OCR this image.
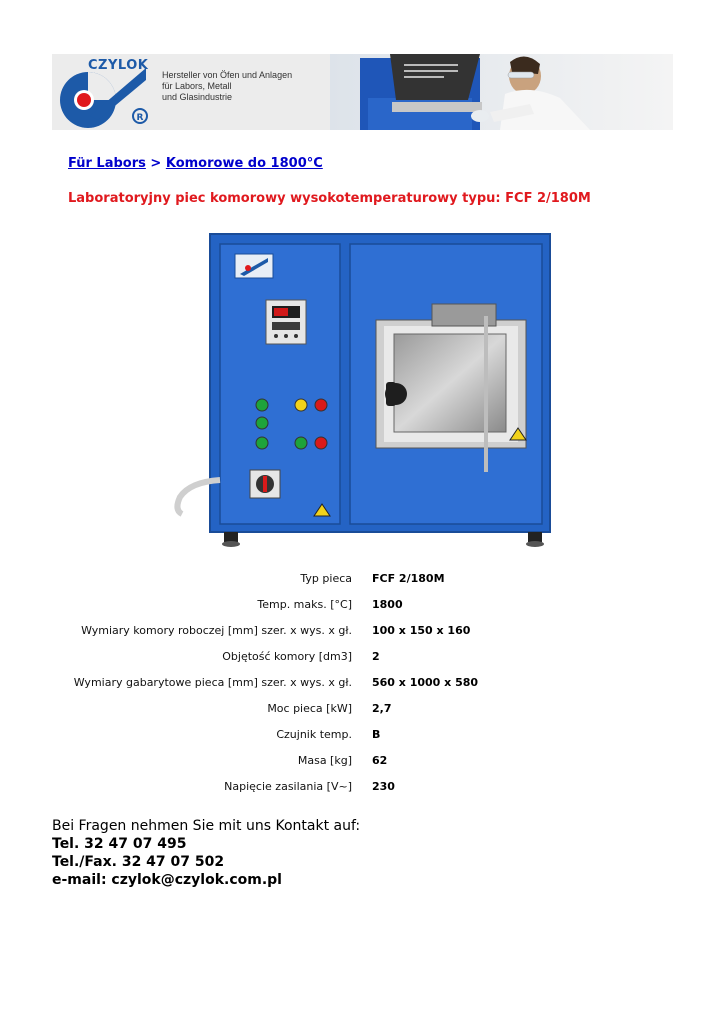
R
CZYLOK
Hersteller von Öfen und Anlagen
für Labors, Metall
und Glasindustrie
Für Labors > Komorowe do 1800°C
Laboratoryjny piec komorowy wysokotemperaturowy typu: FCF 2/180M
Typ pieca FCF 2/180M
Temp. maks. [°C] 1800
Wymiary komory roboczej [mm] szer. x wys. x gł. 100 x 150 x 160
Objętość komory [dm3] 2
Wymiary gabarytowe pieca [mm] szer. x wys. x gł. 560 x 1000 x 580
Moc pieca [kW] 2,7
Czujnik temp. B
Masa [kg] 62
Napięcie zasilania [V~] 230
Bei Fragen nehmen Sie mit uns Kontakt auf:
Tel. 32 47 07 495
Tel./Fax. 32 47 07 502
e-mail: czylok@czylok.com.pl
